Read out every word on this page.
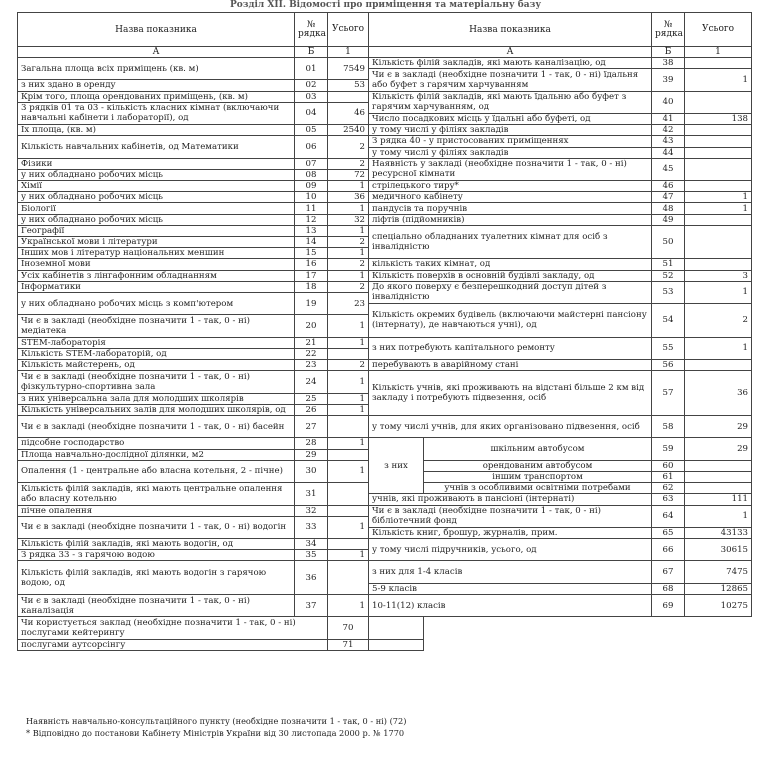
Розділ XII. Відомості про приміщення та матеріальну базу
Назва показника	№ рядка	Усього	Назва показника		№ рядка	Усього
А	Б	1	А		Б	1
Загальна площа всіх приміщень (кв. м)	01	7549	Кількість філій закладів, які мають каналізацію, од		38	
			Чи є в закладі (необхідне позначити 1 - так, 0 - ні) їдальня або буфет з гарячим харчуванням		39	1
з них здано в оренду	02	53				
Крім того, площа орендованих приміщень, (кв. м)	03		Кількість філій закладів, які мають їдальню або буфет з гарячим харчуванням, од		40	
3 рядків 01 та 03 - кількість класних кімнат (включаючи навчальні кабінети і лабораторії), од	04	46				
			Число посадкових місць у їдальні або буфеті, од		41	138
Їх площа, (кв. м)	05	2540	у тому числі у філіях закладів		42	
Кількість навчальних кабінетів, од Математики	06	2	З рядка 40 - у пристосованих приміщеннях		43	
			у тому числі у філіях закладів		44	
Фізики	07	2	Наявність у закладі (необхідне позначити 1 - так, 0 - ні) ресурсної кімнати		45	
у них обладнано робочих місць	08	72				
Хімії	09	1	стрілецького тиру*		46	
у них обладнано робочих місць	10	36	медичного кабінету		47	1
Біології	11	1	пандусів та поручнів		48	1
у них обладнано робочих місць	12	32	ліфтів (підйомників)		49	
Географії	13	1	спеціально обладнаних туалетних кімнат для осіб з інвалідністю		50	
Української мови і літератури	14	2				
Інших мов і літератур національних меншин	15	1				
Іноземної мови	16	2	кількість таких кімнат, од		51	
Усіх кабінетів з лінгафонним обладнанням	17	1	Кількість поверхів в основній будівлі закладу, од		52	3
Інформатики	18	2	До якого поверху є безперешкодний доступ дітей з інвалідністю		53	1
у них обладнано робочих місць з комп'ютером	19	23				
			Кількість окремих будівель (включаючи майстерні пансіону (інтернату), де навчаються учні), од		54	2
Чи є в закладі (необхідне позначити 1 - так, 0 - ні) медіатека	20	1				

STEM-лабораторія	21	1	з них потребують капітального ремонту		55	1
Кількість STEM-лабораторій, од	22					
Кількість майстерень, од	23	2	перебувають в аварійному стані		56	
Чи є в закладі (необхідне позначити 1 - так, 0 - ні) фізкультурно-спортивна зала	24	1	Кількість учнів, які проживають на відстані більше 2 км від закладу і потребують підвезення, осіб		57	36

з них універсальна зала для молодших школярів	25	1				
Кількість універсальних залів для молодших школярів, од	26	1				
Чи є в закладі (необхідне позначити 1 - так, 0 - ні) басейн	27		у тому числі учнів, для яких організовано підвезення, осіб		58	29

підсобне господарство	28	1	з них	шкільним автобусом	59	29
Площа навчально-дослідної ділянки, м2	29					
Опалення (1 - центральне або власна котельня, 2 - пічне)	30	1		орендованим автобусом	60	
				іншим транспортом	61	
Кількість філій закладів, які мають центральне опалення або власну котельню	31			учнів з особливими освітніми потребами	62	
			учнів, які проживають в пансіоні (інтернаті)		63	111
пічне опалення	32		Чи є в закладі (необхідне позначити 1 - так, 0 - ні) бібліотечний фонд		64	1
Чи є в закладі (необхідне позначити 1 - так, 0 - ні) водогін	33	1				
			Кількість книг, брошур, журналів, прим.		65	43133
Кількість філій закладів, які мають водогін, од	34		у тому числі підручників, усього, од		66	30615
З рядка 33 - з гарячою водою	35	1				
Кількість філій закладів, які мають водогін з гарячою водою, од	36		з них для 1-4 класів		67	7475

			5-9 класів		68	12865
Чи є в закладі (необхідне позначити 1 - так, 0 - ні) каналізація	37	1	10-11(12) класів		69	10275

Чи користується заклад (необхідне позначити 1 - так, 0 - ні) послугами кейтерингу		70				

послугами аутсорсінгу		71				

Наявність навчально-консультаційного пункту (необхідне позначити 1 - так, 0 - ні) (72)
* Відповідно до постанови Кабінету Міністрів України від 30 листопада 2000 р. № 1770
